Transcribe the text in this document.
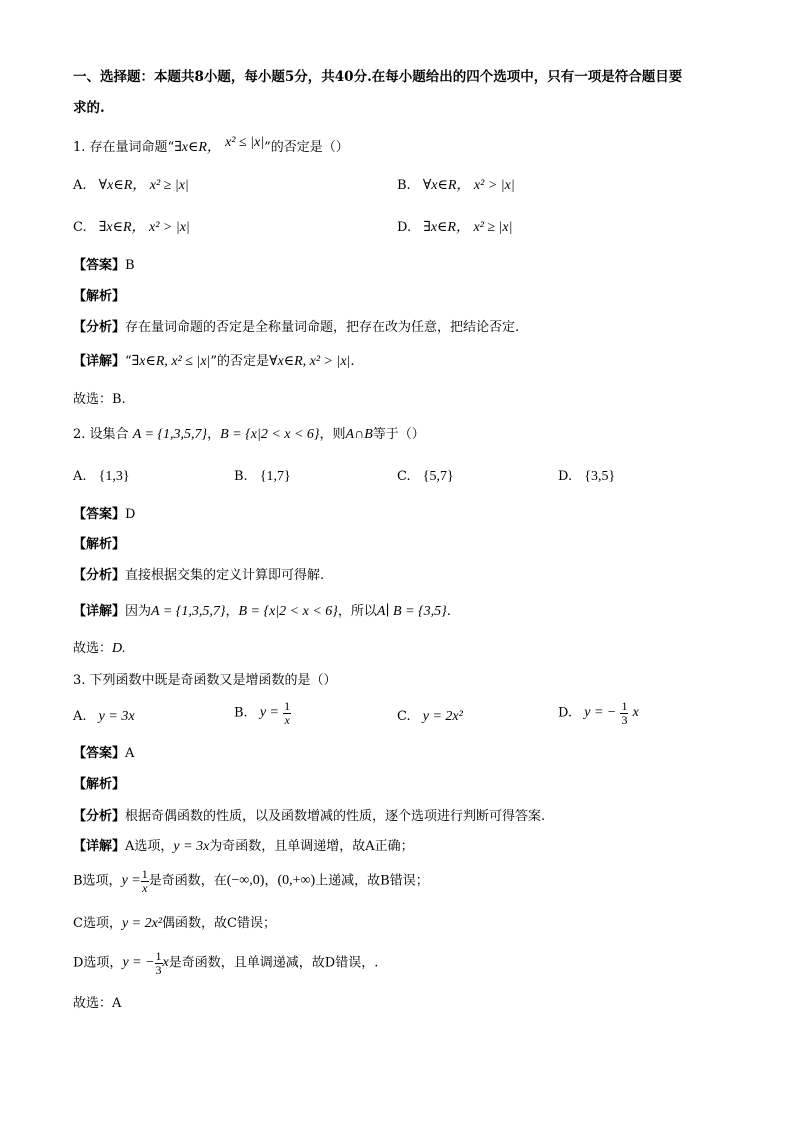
一、选择题：本题共8小题，每小题5分，共40分.在每小题给出的四个选项中，只有一项是符合题目要
求的.
1. 存在量词命题“∃x∈R， x² ≤ |x|”的否定是（）
A. ∀x∈R， x² ≥ |x|	B. ∀x∈R， x² > |x|
C. ∃x∈R， x² > |x|	D. ∃x∈R， x² ≥ |x|
【答案】B
【解析】
【分析】存在量词命题的否定是全称量词命题，把存在改为任意，把结论否定.
【详解】“∃x∈R, x² ≤ |x|”的否定是∀x∈R, x² > |x|.
故选：B.
2. 设集合 A = {1,3,5,7}，B = {x|2 < x < 6}，则A∩B等于（）
A. {1,3}	B. {1,7}	C. {5,7}	D. {3,5}
【答案】D
【解析】
【分析】直接根据交集的定义计算即可得解.
【详解】因为A = {1,3,5,7}，B = {x|2 < x < 6}，所以A∣ B = {3,5}.
故选：D.
3. 下列函数中既是奇函数又是增函数的是（）
A. y = 3x	B. $y = \frac{1}{x}$	C. y = 2x²	D. y = − $\frac{1}{3}$ x
【答案】A
【解析】
【分析】根据奇偶函数的性质，以及函数增减的性质，逐个选项进行判断可得答案.
【详解】A选项，y = 3x为奇函数，且单调递增，故A正确；
B选项，$y = \frac{1}{x}$ 是奇函数，在(−∞,0)，(0,+∞)上递减，故B错误；
C选项，y = 2x²偶函数，故C错误；
D选项，y = − $\frac{1}{3}$ x是奇函数，且单调递减，故D错误，.
故选：A
